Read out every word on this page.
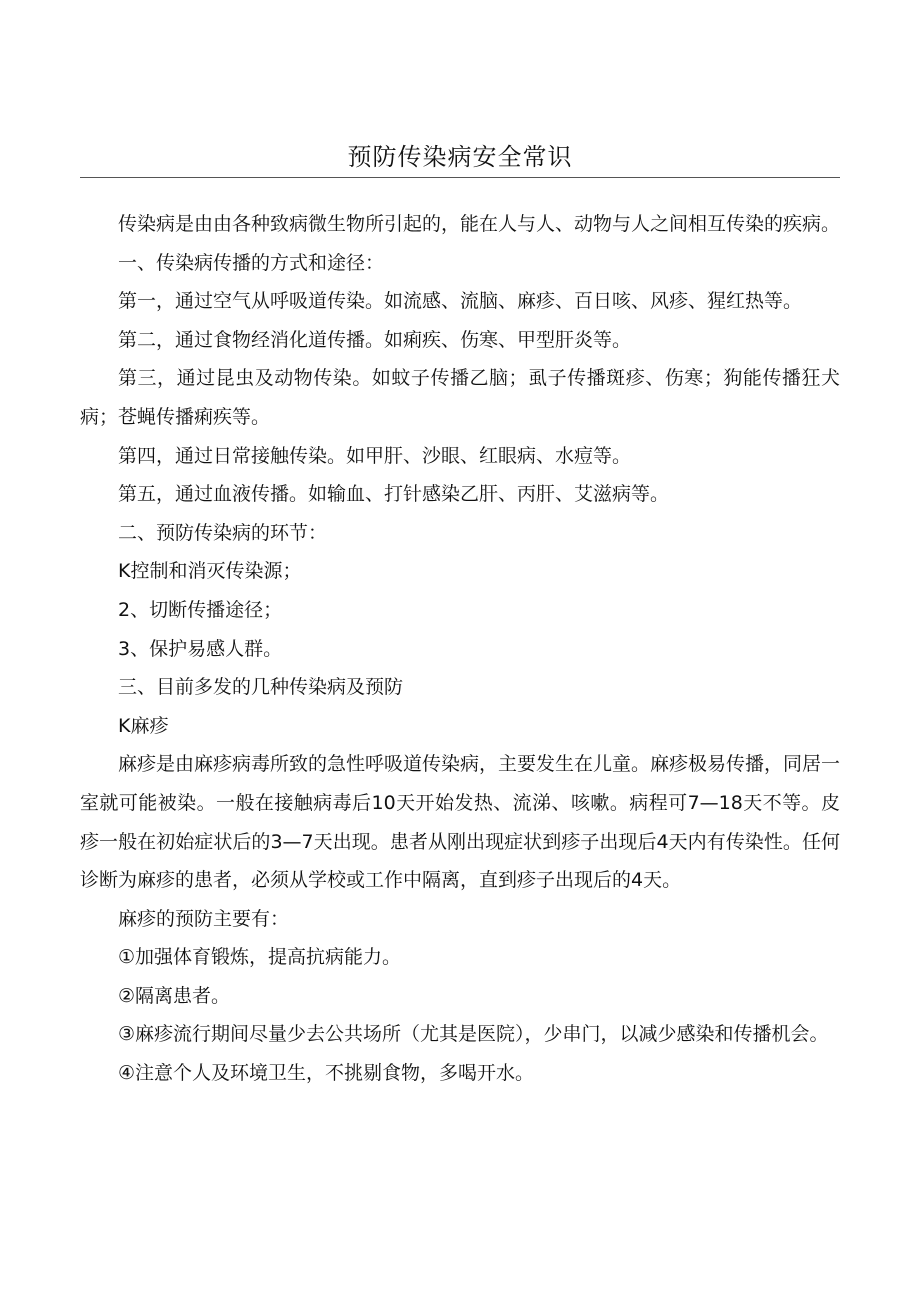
预防传染病安全常识

传染病是由由各种致病微生物所引起的，能在人与人、动物与人之间相互传染的疾病。

一、传染病传播的方式和途径：

第一，通过空气从呼吸道传染。如流感、流脑、麻疹、百日咳、风疹、猩红热等。

第二，通过食物经消化道传播。如痢疾、伤寒、甲型肝炎等。

第三，通过昆虫及动物传染。如蚊子传播乙脑；虱子传播斑疹、伤寒；狗能传播狂犬病；苍蝇传播痢疾等。

第四，通过日常接触传染。如甲肝、沙眼、红眼病、水痘等。

第五，通过血液传播。如输血、打针感染乙肝、丙肝、艾滋病等。

二、预防传染病的环节：

K控制和消灭传染源；

2、切断传播途径；

3、保护易感人群。

三、目前多发的几种传染病及预防

K麻疹

麻疹是由麻疹病毒所致的急性呼吸道传染病，主要发生在儿童。麻疹极易传播，同居一室就可能被染。一般在接触病毒后10天开始发热、流涕、咳嗽。病程可7—18天不等。皮疹一般在初始症状后的3—7天出现。患者从刚出现症状到疹子出现后4天内有传染性。任何诊断为麻疹的患者，必须从学校或工作中隔离，直到疹子出现后的4天。

麻疹的预防主要有：

①加强体育锻炼，提高抗病能力。

②隔离患者。

③麻疹流行期间尽量少去公共场所（尤其是医院），少串门，以减少感染和传播机会。

④注意个人及环境卫生，不挑剔食物，多喝开水。
